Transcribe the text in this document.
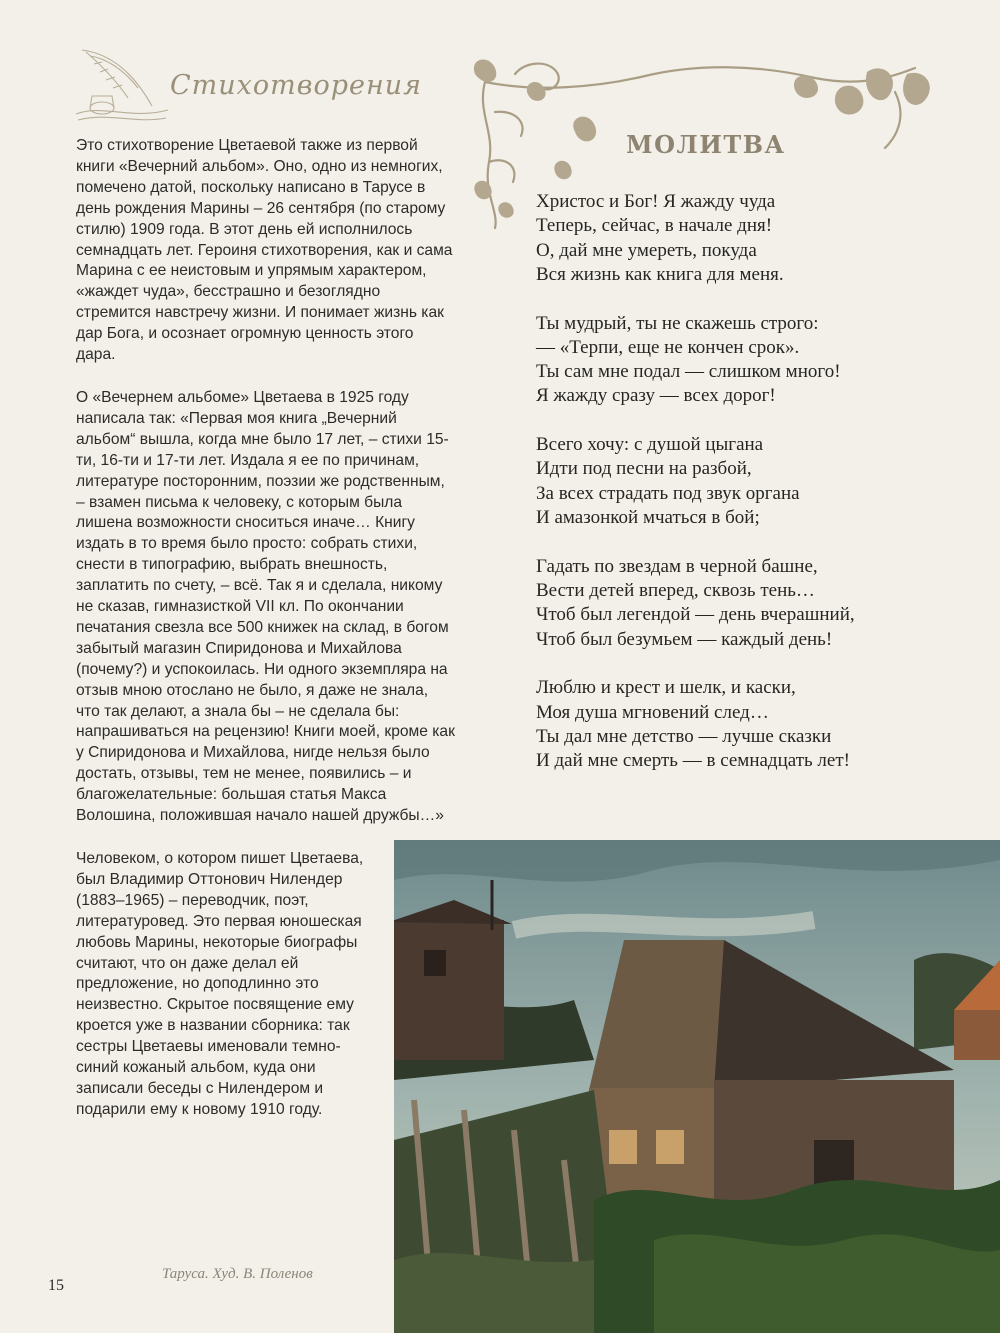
Стихотворения

Это стихотворение Цветаевой также из первой книги «Вечерний альбом». Оно, одно из немногих, помечено датой, поскольку написано в Тарусе в день рождения Марины – 26 сентября (по старому стилю) 1909 года. В этот день ей исполнилось семнадцать лет. Героиня стихотворения, как и сама Марина с ее неистовым и упрямым характером, «жаждет чуда», бесстрашно и безоглядно стремится навстречу жизни. И понимает жизнь как дар Бога, и осознает огромную ценность этого дара.

О «Вечернем альбоме» Цветаева в 1925 году написала так: «Первая моя книга „Вечерний альбом“ вышла, когда мне было 17 лет, – стихи 15-ти, 16-ти и 17-ти лет. Издала я ее по причинам, литературе посторонним, поэзии же родственным, – взамен письма к человеку, с которым была лишена возможности сноситься иначе… Книгу издать в то время было просто: собрать стихи, снести в типографию, выбрать внешность, заплатить по счету, – всё. Так я и сделала, никому не сказав, гимназисткой VII кл. По окончании печатания свезла все 500 книжек на склад, в богом забытый магазин Спиридонова и Михайлова (почему?) и успокоилась. Ни одного экземпляра на отзыв мною отослано не было, я даже не знала, что так делают, а знала бы – не сделала бы: напрашиваться на рецензию! Книги моей, кроме как у Спиридонова и Михайлова, нигде нельзя было достать, отзывы, тем не менее, появились – и благожелательные: большая статья Макса Волошина, положившая начало нашей дружбы…»

Человеком, о котором пишет Цветаева, был Владимир Оттонович Нилендер (1883–1965) – переводчик, поэт, литературовед. Это первая юношеская любовь Марины, некоторые биографы считают, что он даже делал ей предложение, но доподлинно это неизвестно. Скрытое посвящение ему кроется уже в названии сборника: так сестры Цветаевы именовали темно-синий кожаный альбом, куда они записали беседы с Нилендером и подарили ему к новому 1910 году.

МОЛИТВА
Христос и Бог! Я жажду чуда
Теперь, сейчас, в начале дня!
О, дай мне умереть, покуда
Вся жизнь как книга для меня.
Ты мудрый, ты не скажешь строго:
— «Терпи, еще не кончен срок».
Ты сам мне подал — слишком много!
Я жажду сразу — всех дорог!
Всего хочу: с душой цыгана
Идти под песни на разбой,
За всех страдать под звук органа
И амазонкой мчаться в бой;
Гадать по звездам в черной башне,
Вести детей вперед, сквозь тень…
Чтоб был легендой — день вчерашний,
Чтоб был безумьем — каждый день!
Люблю и крест и шелк, и каски,
Моя душа мгновений след…
Ты дал мне детство — лучше сказки
И дай мне смерть — в семнадцать лет!
Таруса. Худ. В. Поленов
15
